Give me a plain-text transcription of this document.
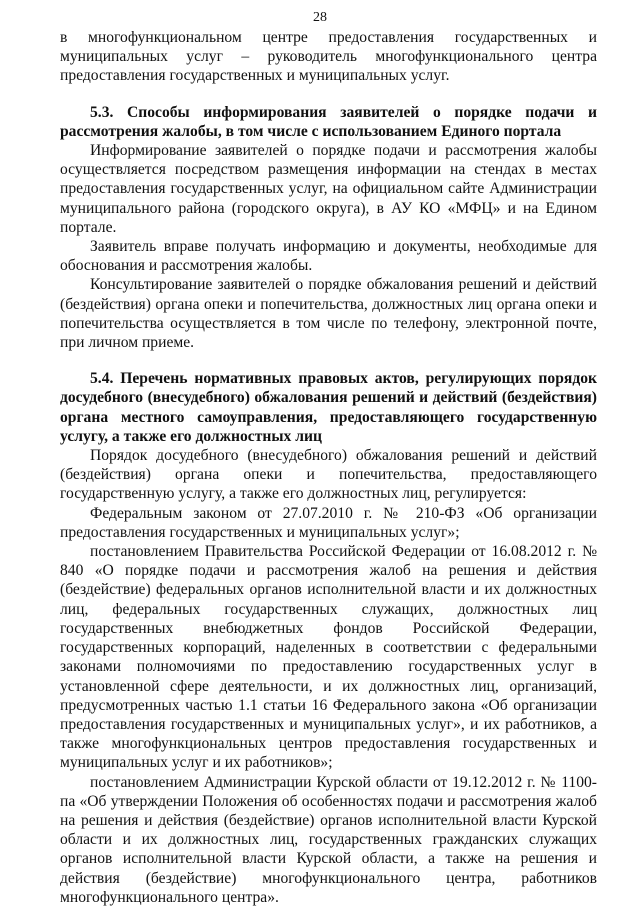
28

в многофункциональном центре предоставления государственных и муниципальных услуг – руководитель многофункционального центра предоставления государственных и муниципальных услуг.

5.3. Способы информирования заявителей о порядке подачи и рассмотрения жалобы, в том числе с использованием Единого портала

Информирование заявителей о порядке подачи и рассмотрения жалобы осуществляется посредством размещения информации на стендах в местах предоставления государственных услуг, на официальном сайте Администрации муниципального района (городского округа), в АУ КО «МФЦ» и на Едином портале.

Заявитель вправе получать информацию и документы, необходимые для обоснования и рассмотрения жалобы.

Консультирование заявителей о порядке обжалования решений и действий (бездействия) органа опеки и попечительства, должностных лиц органа опеки и попечительства осуществляется в том числе по телефону, электронной почте, при личном приеме.

5.4. Перечень нормативных правовых актов, регулирующих порядок досудебного (внесудебного) обжалования решений и действий (бездействия) органа местного самоуправления, предоставляющего государственную услугу, а также его должностных лиц

Порядок досудебного (внесудебного) обжалования решений и действий (бездействия) органа опеки и попечительства, предоставляющего государственную услугу, а также его должностных лиц, регулируется:

Федеральным законом от 27.07.2010 г. № 210-ФЗ «Об организации предоставления государственных и муниципальных услуг»;

постановлением Правительства Российской Федерации от 16.08.2012 г. № 840 «О порядке подачи и рассмотрения жалоб на решения и действия (бездействие) федеральных органов исполнительной власти и их должностных лиц, федеральных государственных служащих, должностных лиц государственных внебюджетных фондов Российской Федерации, государственных корпораций, наделенных в соответствии с федеральными законами полномочиями по предоставлению государственных услуг в установленной сфере деятельности, и их должностных лиц, организаций, предусмотренных частью 1.1 статьи 16 Федерального закона «Об организации предоставления государственных и муниципальных услуг», и их работников, а также многофункциональных центров предоставления государственных и муниципальных услуг и их работников»;

постановлением Администрации Курской области от 19.12.2012 г. № 1100-па «Об утверждении Положения об особенностях подачи и рассмотрения жалоб на решения и действия (бездействие) органов исполнительной власти Курской области и их должностных лиц, государственных гражданских служащих органов исполнительной власти Курской области, а также на решения и действия (бездействие) многофункционального центра, работников многофункционального центра».
